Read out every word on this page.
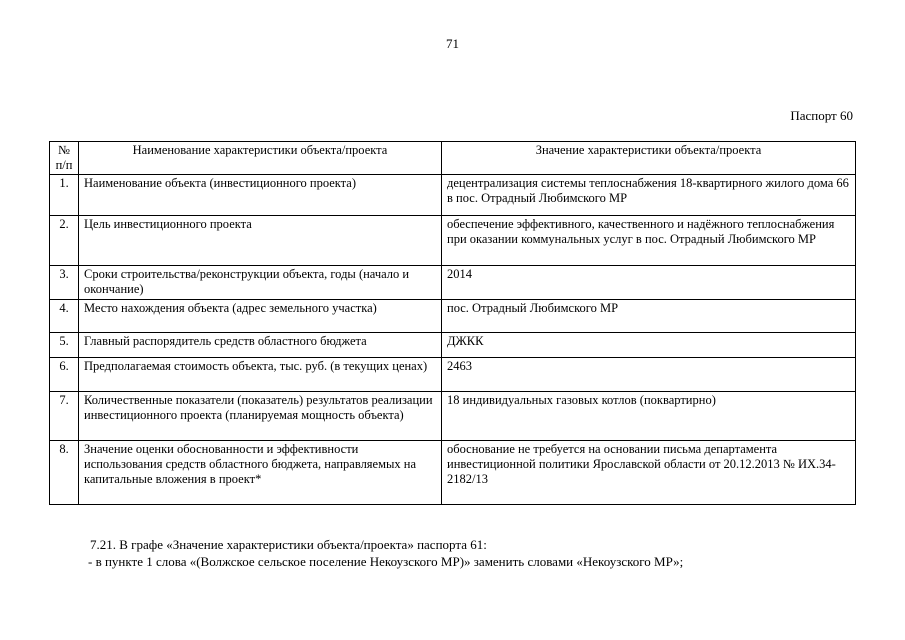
71
Паспорт 60
№ п/п	Наименование характеристики объекта/проекта	Значение характеристики объекта/проекта
1.	Наименование объекта (инвестиционного проекта)	децентрализация системы теплоснабжения 18-квартирного жилого дома 66 в пос. Отрадный Любимского МР
2.	Цель инвестиционного проекта	обеспечение эффективного, качественного и надёжного теплоснабжения при оказании коммунальных услуг в пос. Отрадный Любимского МР
3.	Сроки строительства/реконструкции объекта, годы (начало и окончание)	2014
4.	Место нахождения объекта (адрес земельного участка)	пос. Отрадный Любимского МР
5.	Главный распорядитель средств областного бюджета	ДЖКК
6.	Предполагаемая стоимость объекта, тыс. руб. (в текущих ценах)	2463
7.	Количественные показатели (показатель) результатов реализации инвестиционного проекта (планируемая мощность объекта)	18 индивидуальных газовых котлов (поквартирно)
8.	Значение оценки обоснованности и эффективности использования средств областного бюджета, направляемых на капитальные вложения в проект*	обоснование не требуется на основании письма департамента инвестиционной политики Ярославской области от 20.12.2013 № ИХ.34-2182/13
7.21. В графе «Значение характеристики объекта/проекта» паспорта 61:
- в пункте 1 слова «(Волжское сельское поселение Некоузского МР)» заменить словами «Некоузского МР»;
